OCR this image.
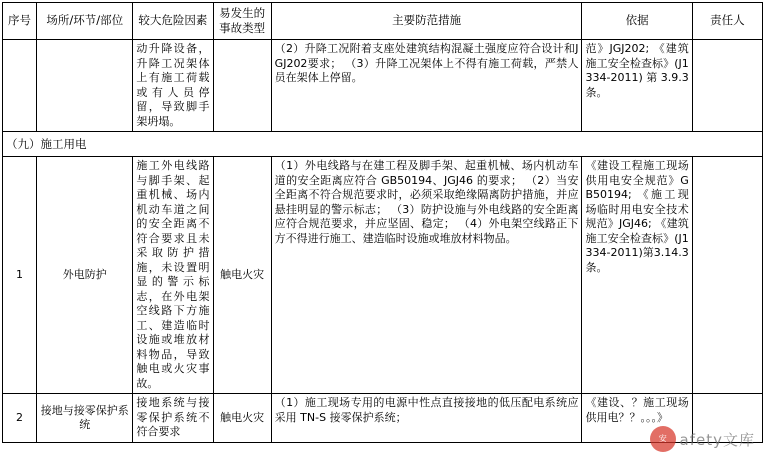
序号	场所/环节/部位	较大危险因素	易发生的事故类型	主要防范措施	依据	责任人
		动升降设备，升降工况架体上有施工荷载或有人员停留，导致脚手架坍塌。		（2）升降工况附着支座处建筑结构混凝土强度应符合设计和JGJ202要求； （3）升降工况架体上不得有施工荷载，严禁人员在架体上停留。	范》JGJ202; 《建筑施工安全检查标》(J1334-2011)第3.9.3条。	
（九）施工用电						
1	外电防护	施工外电线路与脚手架、起重机械、场内机动车道之间的安全距离不符合要求且未采取防护措施，未设置明显的警示标志，在外电架空线路下方施工、建造临时设施或堆放材料物品，导致触电或火灾事故。	触电火灾	（1）外电线路与在建工程及脚手架、起重机械、场内机动车道的安全距离应符合 GB50194、JGJ46 的要求； （2）当安全距离不符合规范要求时，必须采取绝缘隔离防护措施，并应悬挂明显的警示标志； （3）防护设施与外电线路的安全距离应符合规范要求，并应坚固、稳定； （4）外电架空线路正下方不得进行施工、建造临时设施或堆放材料物品。	《建设工程施工现场供用电安全规范》GB50194; 《施工现场临时用电安全技术规范》JGJ46; 《建筑施工安全检查标》(J1334-2011)第3.14.3条。	
2	接地与接零保护系统	接地系统与接零保护系统不符合要求	触电火灾	（1）施工现场专用的电源中性点直接接地的低压配电系统应采用 TN-S 接零保护系统；	《建设、？施工现场供用电？？。。。》	
安 afety文库
